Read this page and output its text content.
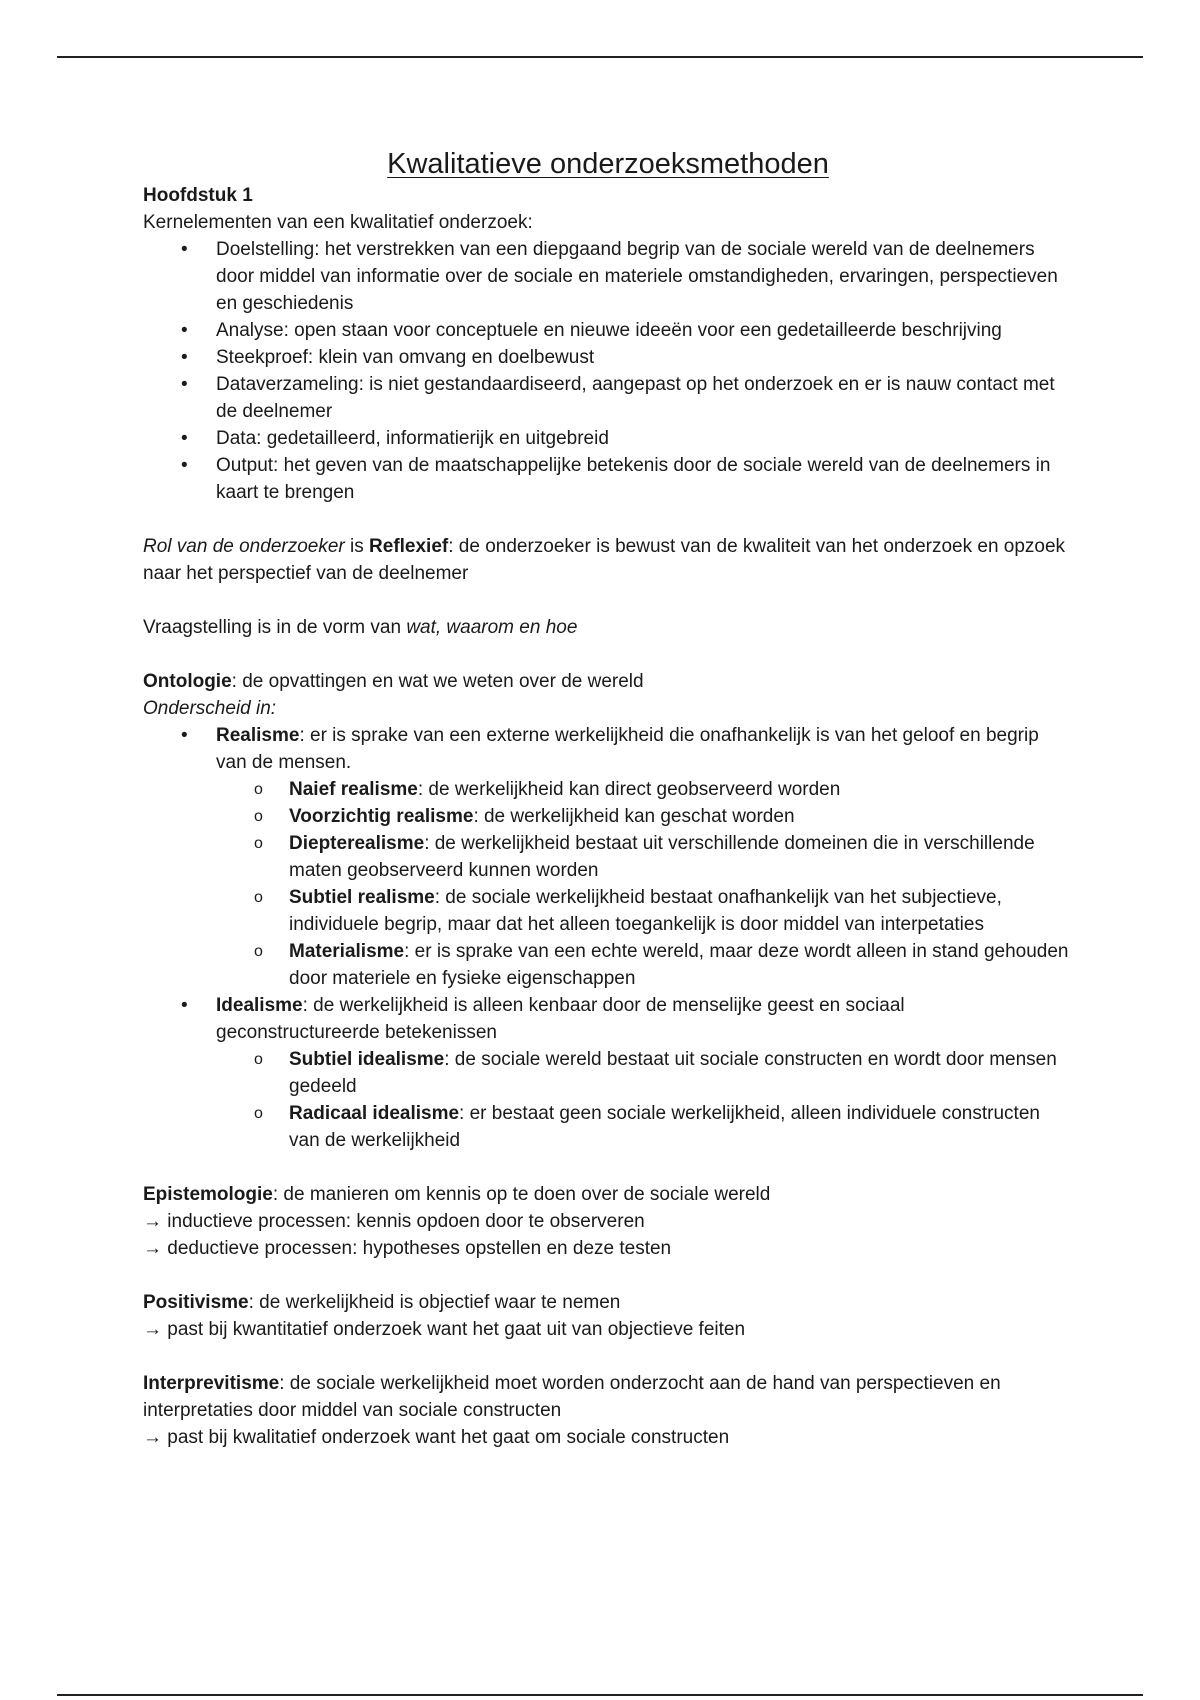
Kwalitatieve onderzoeksmethoden

Hoofdstuk 1

Kernelementen van een kwalitatief onderzoek:

• Doelstelling: het verstrekken van een diepgaand begrip van de sociale wereld van de deelnemers door middel van informatie over de sociale en materiele omstandigheden, ervaringen, perspectieven en geschiedenis
• Analyse: open staan voor conceptuele en nieuwe ideeën voor een gedetailleerde beschrijving
• Steekproef: klein van omvang en doelbewust
• Dataverzameling: is niet gestandaardiseerd, aangepast op het onderzoek en er is nauw contact met de deelnemer
• Data: gedetailleerd, informatierijk en uitgebreid
• Output: het geven van de maatschappelijke betekenis door de sociale wereld van de deelnemers in kaart te brengen

Rol van de onderzoeker is Reflexief: de onderzoeker is bewust van de kwaliteit van het onderzoek en opzoek naar het perspectief van de deelnemer

Vraagstelling is in de vorm van wat, waarom en hoe

Ontologie: de opvattingen en wat we weten over de wereld

Onderscheid in:

• Realisme: er is sprake van een externe werkelijkheid die onafhankelijk is van het geloof en begrip van de mensen.
o Naief realisme: de werkelijkheid kan direct geobserveerd worden
o Voorzichtig realisme: de werkelijkheid kan geschat worden
o Diepterealisme: de werkelijkheid bestaat uit verschillende domeinen die in verschillende maten geobserveerd kunnen worden
o Subtiel realisme: de sociale werkelijkheid bestaat onafhankelijk van het subjectieve, individuele begrip, maar dat het alleen toegankelijk is door middel van interpetaties
o Materialisme: er is sprake van een echte wereld, maar deze wordt alleen in stand gehouden door materiele en fysieke eigenschappen
• Idealisme: de werkelijkheid is alleen kenbaar door de menselijke geest en sociaal geconstructureerde betekenissen
o Subtiel idealisme: de sociale wereld bestaat uit sociale constructen en wordt door mensen gedeeld
o Radicaal idealisme: er bestaat geen sociale werkelijkheid, alleen individuele constructen van de werkelijkheid

Epistemologie: de manieren om kennis op te doen over de sociale wereld

→ inductieve processen: kennis opdoen door te observeren

→ deductieve processen: hypotheses opstellen en deze testen

Positivisme: de werkelijkheid is objectief waar te nemen

→ past bij kwantitatief onderzoek want het gaat uit van objectieve feiten

Interprevitisme: de sociale werkelijkheid moet worden onderzocht aan de hand van perspectieven en interpretaties door middel van sociale constructen

→ past bij kwalitatief onderzoek want het gaat om sociale constructen
